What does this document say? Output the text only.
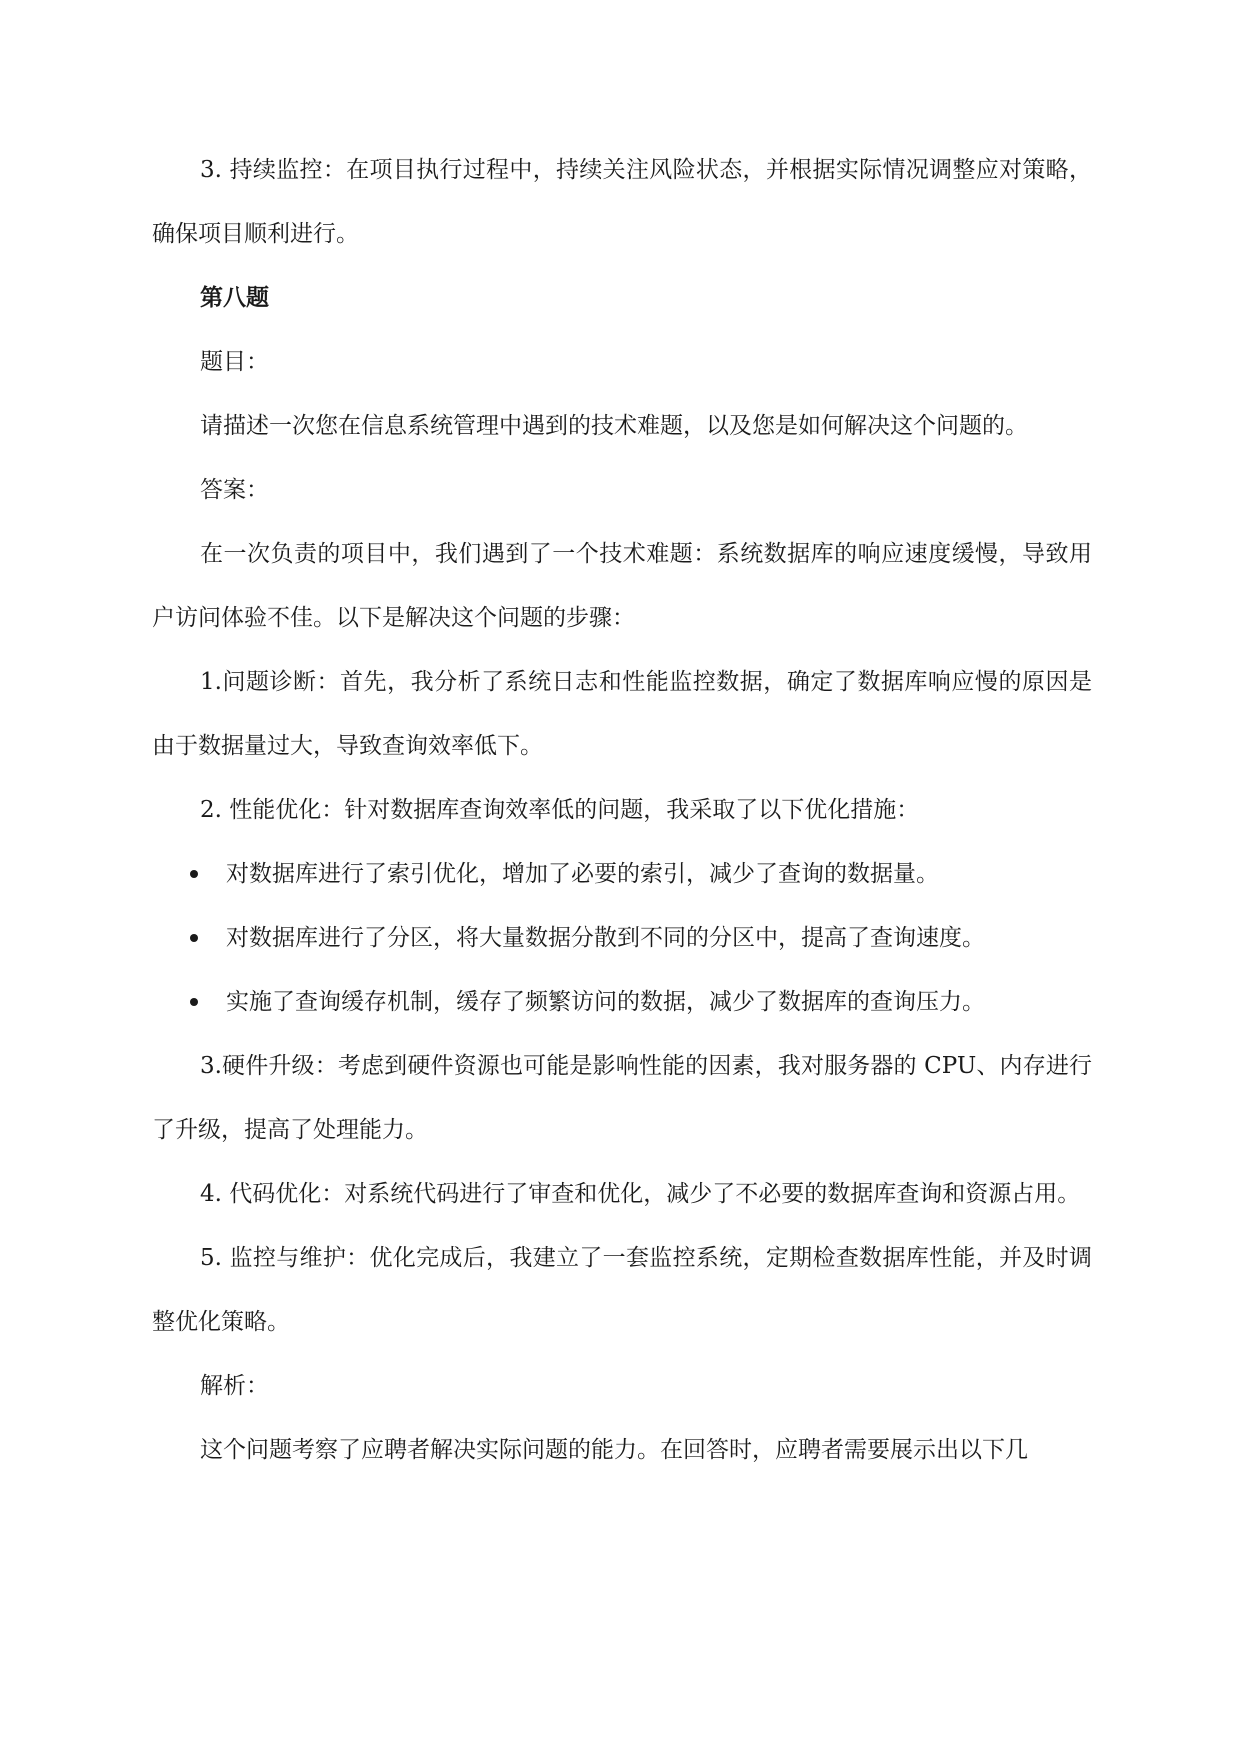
3. 持续监控：在项目执行过程中，持续关注风险状态，并根据实际情况调整应对策略，确保项目顺利进行。

第八题

题目：

请描述一次您在信息系统管理中遇到的技术难题，以及您是如何解决这个问题的。

答案：

在一次负责的项目中，我们遇到了一个技术难题：系统数据库的响应速度缓慢，导致用户访问体验不佳。以下是解决这个问题的步骤：

1.问题诊断：首先，我分析了系统日志和性能监控数据，确定了数据库响应慢的原因是由于数据量过大，导致查询效率低下。

2. 性能优化：针对数据库查询效率低的问题，我采取了以下优化措施：

对数据库进行了索引优化，增加了必要的索引，减少了查询的数据量。
对数据库进行了分区，将大量数据分散到不同的分区中，提高了查询速度。
实施了查询缓存机制，缓存了频繁访问的数据，减少了数据库的查询压力。

3.硬件升级：考虑到硬件资源也可能是影响性能的因素，我对服务器的 CPU、内存进行了升级，提高了处理能力。

4. 代码优化：对系统代码进行了审查和优化，减少了不必要的数据库查询和资源占用。

5. 监控与维护：优化完成后，我建立了一套监控系统，定期检查数据库性能，并及时调整优化策略。

解析：

这个问题考察了应聘者解决实际问题的能力。在回答时，应聘者需要展示出以下几
